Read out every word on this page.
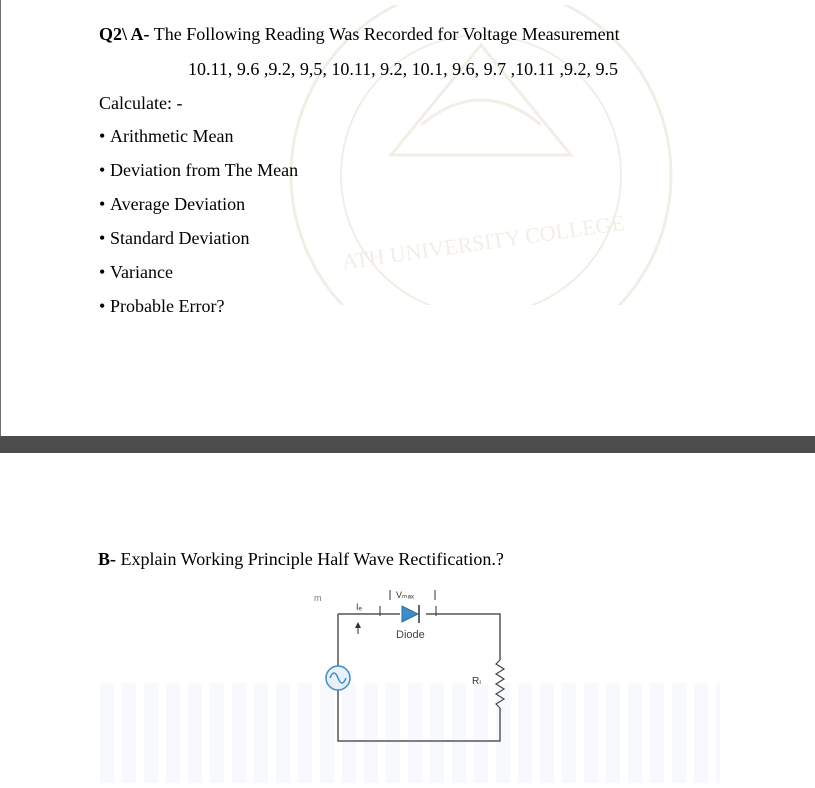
ATH UNIVERSITY COLLEGE
Q2\ A- The Following Reading Was Recorded for Voltage Measurement
10.11, 9.6 ,9.2, 9,5, 10.11, 9.2, 10.1, 9.6, 9.7 ,10.11 ,9.2, 9.5
Calculate: -
• Arithmetic Mean
• Deviation from The Mean
• Average Deviation
• Standard Deviation
• Variance
• Probable Error?
B- Explain Working Principle Half Wave Rectification.?
m
Iₑ
Vₘₐₓ
Diode
Rₗ
